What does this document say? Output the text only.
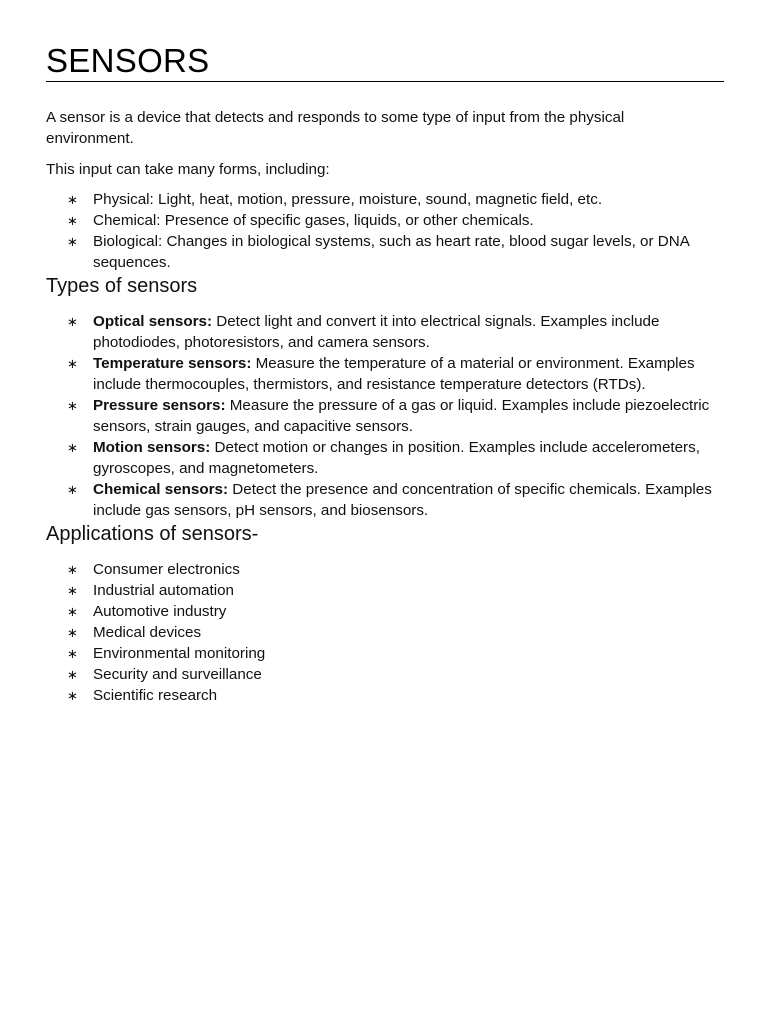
SENSORS

A sensor is a device that detects and responds to some type of input from the physical environment.

This input can take many forms, including:

∗ Physical: Light, heat, motion, pressure, moisture, sound, magnetic field, etc.
∗ Chemical: Presence of specific gases, liquids, or other chemicals.
∗ Biological: Changes in biological systems, such as heart rate, blood sugar levels, or DNA sequences.
Types of sensors
∗ Optical sensors: Detect light and convert it into electrical signals. Examples include photodiodes, photoresistors, and camera sensors.
∗ Temperature sensors: Measure the temperature of a material or environment. Examples include thermocouples, thermistors, and resistance temperature detectors (RTDs).
∗ Pressure sensors: Measure the pressure of a gas or liquid. Examples include piezoelectric sensors, strain gauges, and capacitive sensors.
∗ Motion sensors: Detect motion or changes in position. Examples include accelerometers, gyroscopes, and magnetometers.
∗ Chemical sensors: Detect the presence and concentration of specific chemicals. Examples include gas sensors, pH sensors, and biosensors.
Applications of sensors-
∗ Consumer electronics
∗ Industrial automation
∗ Automotive industry
∗ Medical devices
∗ Environmental monitoring
∗ Security and surveillance
∗ Scientific research
